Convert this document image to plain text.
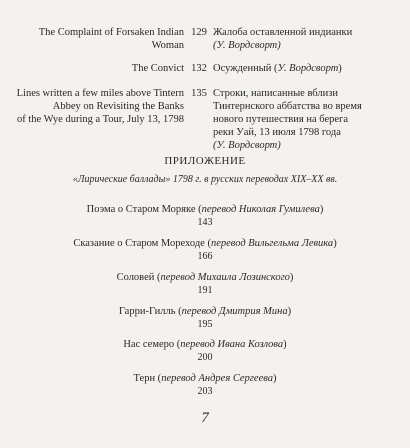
The Complaint of Forsaken Indian
Woman
129 Жалоба оставленной индианки
(У. Вордсворт)
The Convict 132 Осужденный (У. Вордсворт)
Lines written a few miles above Tintern
Abbey on Revisiting the Banks
of the Wye during a Tour, July 13, 1798
135 Строки, написанные вблизи
Тинтернского аббатства во время
нового путешествия на берега
реки Уай, 13 июля 1798 года
(У. Вордсворт)
ПРИЛОЖЕНИЕ
«Лирические баллады» 1798 г. в русских переводах XIX–XX вв.
Поэма о Старом Моряке (перевод Николая Гумилева)
143
Сказание о Старом Мореходе (перевод Вильгельма Левика)
166
Соловей (перевод Михаила Лозинского)
191
Гарри-Гилль (перевод Дмитрия Мина)
195
Нас семеро (перевод Ивана Козлова)
200
Терн (перевод Андрея Сергеева)
203
7
